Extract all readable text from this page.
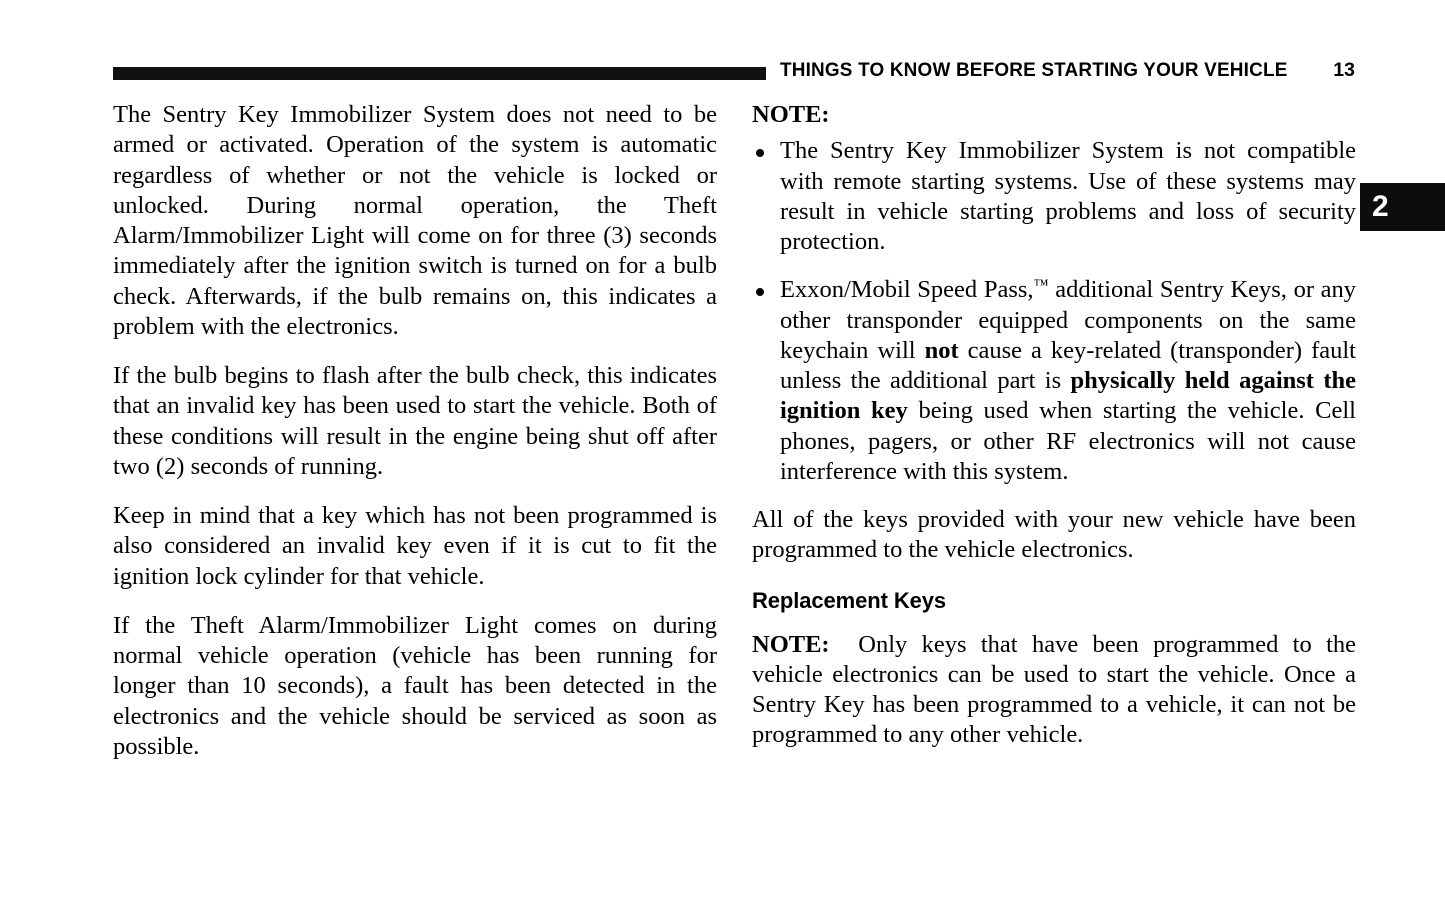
THINGS TO KNOW BEFORE STARTING YOUR VEHICLE	13
2

The Sentry Key Immobilizer System does not need to be armed or activated. Operation of the system is automatic regardless of whether or not the vehicle is locked or unlocked. During normal operation, the Theft Alarm/Immobilizer Light will come on for three (3) seconds immediately after the ignition switch is turned on for a bulb check. Afterwards, if the bulb remains on, this indicates a problem with the electronics.

If the bulb begins to flash after the bulb check, this indicates that an invalid key has been used to start the vehicle. Both of these conditions will result in the engine being shut off after two (2) seconds of running.

Keep in mind that a key which has not been programmed is also considered an invalid key even if it is cut to fit the ignition lock cylinder for that vehicle.

If the Theft Alarm/Immobilizer Light comes on during normal vehicle operation (vehicle has been running for longer than 10 seconds), a fault has been detected in the electronics and the vehicle should be serviced as soon as possible.

NOTE:

The Sentry Key Immobilizer System is not compatible with remote starting systems. Use of these systems may result in vehicle starting problems and loss of security protection.
Exxon/Mobil Speed Pass,™ additional Sentry Keys, or any other transponder equipped components on the same keychain will not cause a key-related (transponder) fault unless the additional part is physically held against the ignition key being used when starting the vehicle. Cell phones, pagers, or other RF electronics will not cause interference with this system.

All of the keys provided with your new vehicle have been programmed to the vehicle electronics.

Replacement Keys

NOTE: Only keys that have been programmed to the vehicle electronics can be used to start the vehicle. Once a Sentry Key has been programmed to a vehicle, it can not be programmed to any other vehicle.
